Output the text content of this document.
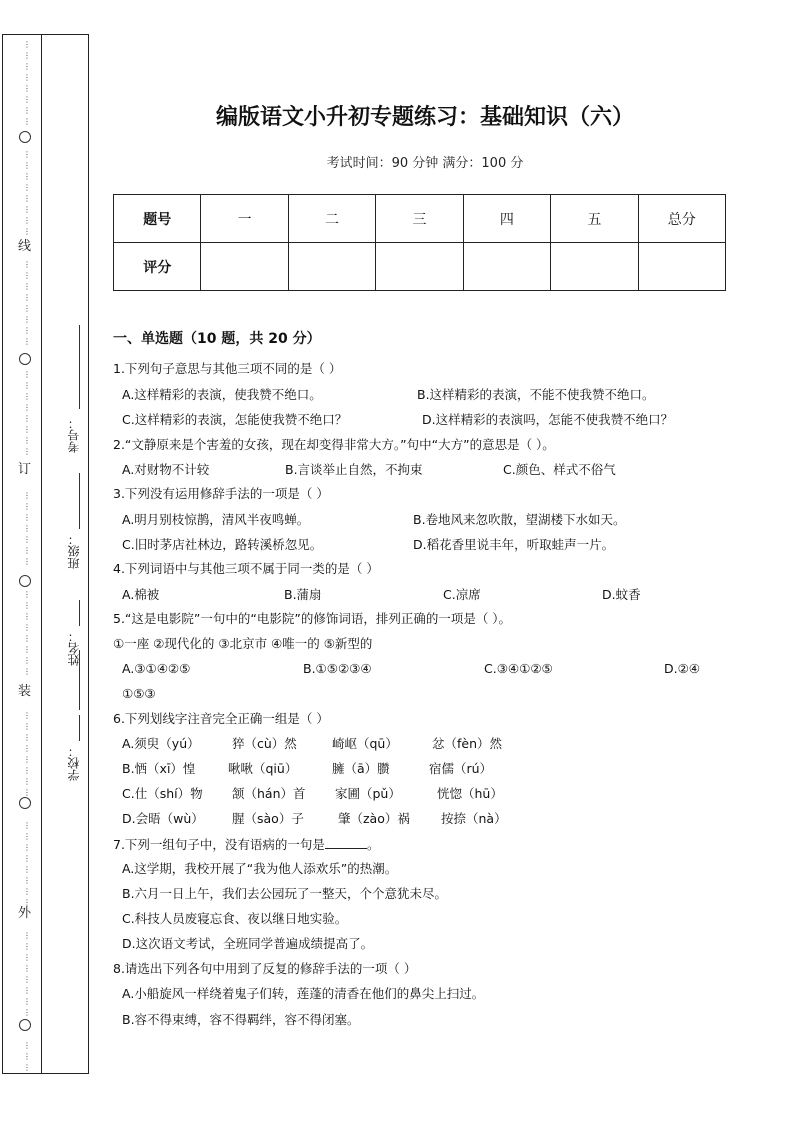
⋮
⋮
⋮
⋮
⋮
⋮
⋮
⋮
⋮
⋮
⋮
⋮
⋮
⋮
⋮
⋮
⋮
⋮
⋮
⋮
⋮
⋮
⋮
⋮
⋮
⋮
⋮
⋮
⋮
⋮
⋮
⋮
⋮
⋮
⋮
⋮
⋮
⋮
⋮
⋮
⋮
⋮
⋮
⋮
⋮
⋮
⋮
⋮
⋮
⋮
⋮
⋮
⋮
⋮
⋮
⋮
⋮
⋮
⋮
⋮
⋮
⋮
⋮
⋮
⋮
⋮
⋮
⋮
⋮
⋮
⋮
⋮
⋮
⋮
线
订
装
外
考号：
班级：
姓名：
学校：
编版语文小升初专题练习：基础知识（六）
考试时间：90 分钟 满分：100 分
题号	一	二	三	四	五	总分
评分						
一、单选题（10 题，共 20 分）
1.下列句子意思与其他三项不同的是（ ）
A.这样精彩的表演，使我赞不绝口。	B.这样精彩的表演，不能不使我赞不绝口。
C.这样精彩的表演，怎能使我赞不绝口？	D.这样精彩的表演吗，怎能不使我赞不绝口？
2.“文静原来是个害羞的女孩，现在却变得非常大方。”句中“大方”的意思是（ ）。
A.对财物不计较	B.言谈举止自然，不拘束	C.颜色、样式不俗气
3.下列没有运用修辞手法的一项是（ ）
A.明月别枝惊鹊，清风半夜鸣蝉。	B.卷地风来忽吹散，望湖楼下水如天。
C.旧时茅店社林边，路转溪桥忽见。	D.稻花香里说丰年，听取蛙声一片。
4.下列词语中与其他三项不属于同一类的是（ ）
A.棉被	B.蒲扇	C.凉席	D.蚊香
5.“这是电影院”一句中的“电影院”的修饰词语，排列正确的一项是（ ）。
①一座 ②现代化的 ③北京市 ④唯一的 ⑤新型的
A.③①④②⑤	B.①⑤②③④	C.③④①②⑤	D.②④
①⑤③
6.下列划线字注音完全正确一组是（ ）
A.须臾（yú）	猝（cù）然	崎岖（qū）	忿（fèn）然
B.恓（xī）惶	啾啾（qiū）	臃（ā）臜	宿儒（rú）
C.仕（shí）物 颔（hán）首 家圃（pǔ）	恍惚（hū）
D.会晤（wù） 腥（sào）子	肇（zào）祸 按捺（nà）
7.下列一组句子中，没有语病的一句是	。
A.这学期，我校开展了“我为他人添欢乐”的热潮。
B.六月一日上午，我们去公园玩了一整天，个个意犹未尽。
C.科技人员废寝忘食、夜以继日地实验。
D.这次语文考试，全班同学普遍成绩提高了。
8.请选出下列各句中用到了反复的修辞手法的一项（ ）
A.小船旋风一样绕着鬼子们转，莲蓬的清香在他们的鼻尖上扫过。
B.容不得束缚，容不得羁绊，容不得闭塞。
